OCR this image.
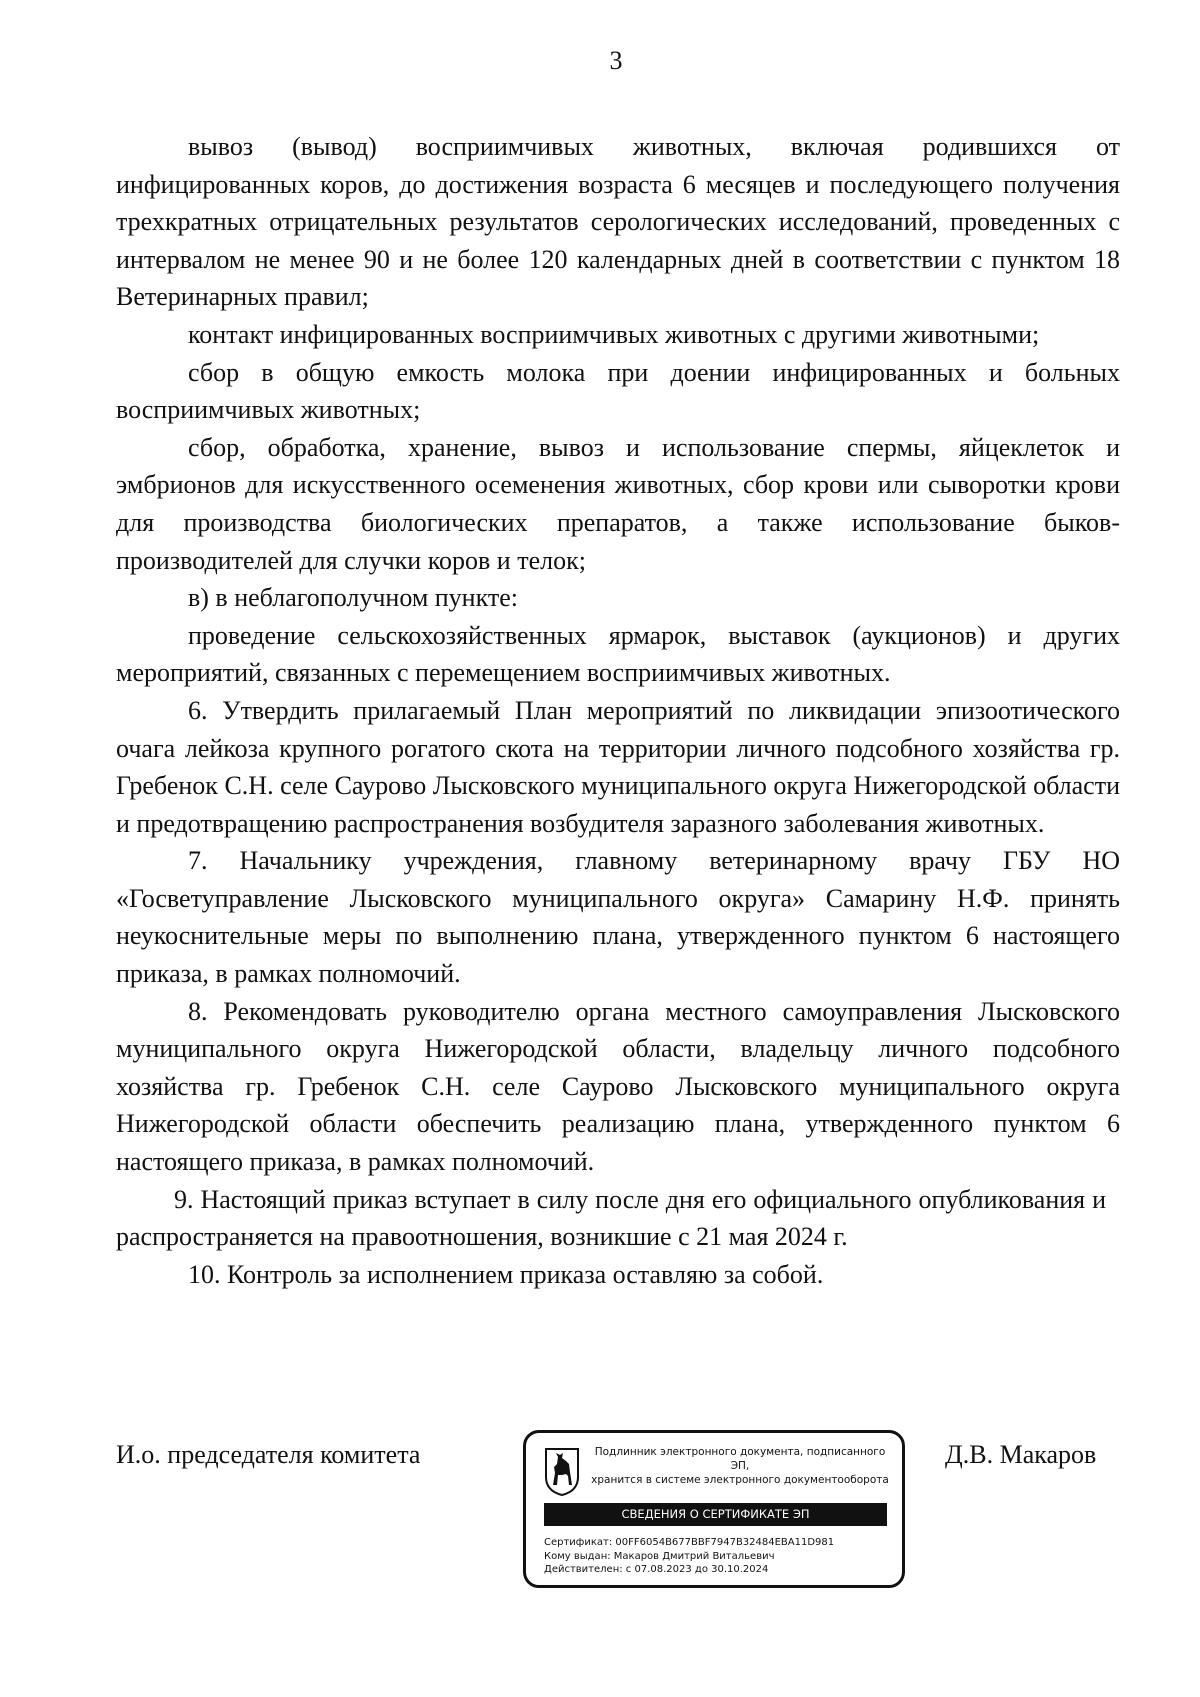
3

вывоз (вывод) восприимчивых животных, включая родившихся от инфицированных коров, до достижения возраста 6 месяцев и последующего получения трехкратных отрицательных результатов серологических исследований, проведенных с интервалом не менее 90 и не более 120 календарных дней в соответствии с пунктом 18 Ветеринарных правил;

контакт инфицированных восприимчивых животных с другими животными;

сбор в общую емкость молока при доении инфицированных и больных восприимчивых животных;

сбор, обработка, хранение, вывоз и использование спермы, яйцеклеток и эмбрионов для искусственного осеменения животных, сбор крови или сыворотки крови для производства биологических препаратов, а также использование быков-производителей для случки коров и телок;

в) в неблагополучном пункте:

проведение сельскохозяйственных ярмарок, выставок (аукционов) и других мероприятий, связанных с перемещением восприимчивых животных.

6. Утвердить прилагаемый План мероприятий по ликвидации эпизоотического очага лейкоза крупного рогатого скота на территории личного подсобного хозяйства гр. Гребенок С.Н. селе Саурово Лысковского муниципального округа Нижегородской области и предотвращению распространения возбудителя заразного заболевания животных.

7. Начальнику учреждения, главному ветеринарному врачу ГБУ НО «Госветуправление Лысковского муниципального округа» Самарину Н.Ф. принять неукоснительные меры по выполнению плана, утвержденного пунктом 6 настоящего приказа, в рамках полномочий.

8. Рекомендовать руководителю органа местного самоуправления Лысковского муниципального округа Нижегородской области, владельцу личного подсобного хозяйства гр. Гребенок С.Н. селе Саурово Лысковского муниципального округа Нижегородской области обеспечить реализацию плана, утвержденного пунктом 6 настоящего приказа, в рамках полномочий.

9. Настоящий приказ вступает в силу после дня его официального опубликования и распространяется на правоотношения, возникшие с 21 мая 2024 г.

10. Контроль за исполнением приказа оставляю за собой.

И.о. председателя комитета	Подлинник электронного документа, подписанного ЭП,
хранится в системе электронного документооборота
СВЕДЕНИЯ О СЕРТИФИКАТЕ ЭП
Сертификат: 00FF6054B677BBF7947B32484EBA11D981
Кому выдан: Макаров Дмитрий Витальевич
Действителен: с 07.08.2023 до 30.10.2024
Д.В. Макаров
